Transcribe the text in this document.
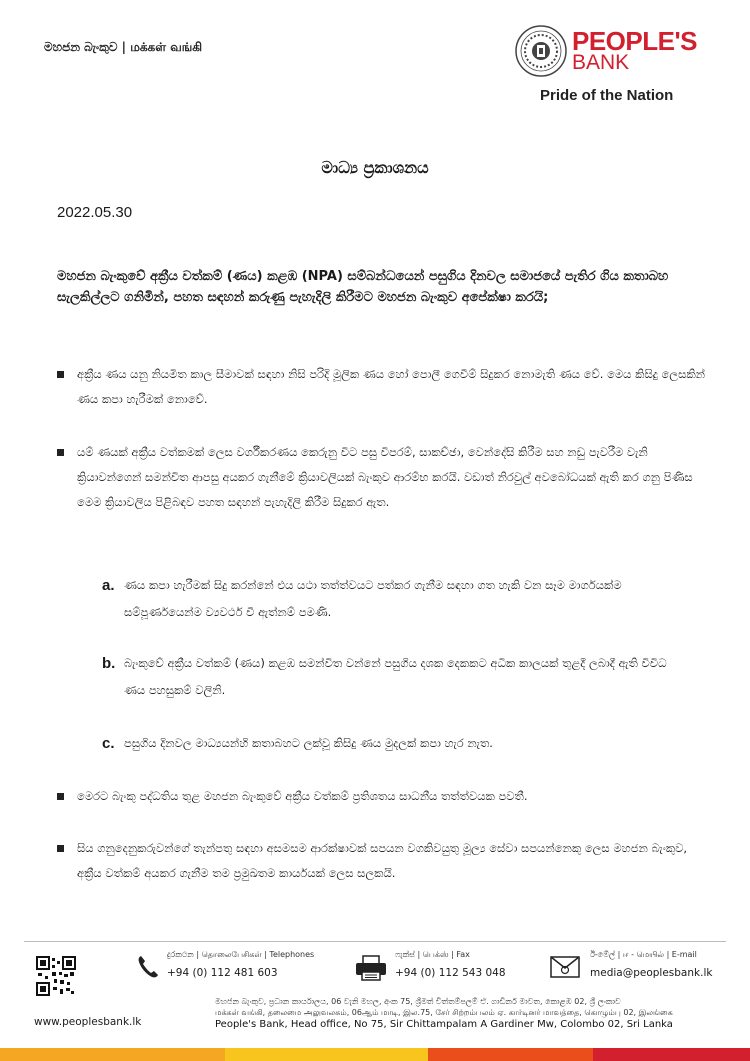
මහජන බැංකුව | மக்கள் வங்கி	PEOPLE'S
BANK
Pride of the Nation
මාධ්‍ය ප්‍රකාශනය
2022.05.30
මහජන බැංකුවේ අක්‍රීය වත්කම් (ණය) කළඹ (NPA) සම්බන්ධයෙන් පසුගිය දිනවල සමාජයේ පැතිර ගිය කතාබහ සැලකිල්ලට ගනිමින්, පහත සඳහන් කරුණු පැහැදිලි කිරීමට මහජන බැංකුව අපේක්ෂා කරයි;
අක්‍රීය ණය යනු නියමිත කාල සීමාවක් සඳහා නිසි පරිදි මූලික ණය හෝ පොලී ගෙවීම් සිදුකර නොමැති ණය වේ. මෙය කිසිදු ලෙසකින් ණය කපා හැරීමක් නොවේ.
යම් ණයක් අක්‍රීය වත්කමක් ලෙස වර්ගීකරණය කෙරුනු විට පසු විපරම්, සාකච්ඡා, වෙන්දේසි කිරීම සහ නඩු පැවරීම වැනි ක්‍රියාවන්ගෙන් සමන්විත ආපසු අයකර ගැනීමේ ක්‍රියාවලියක් බැංකුව ආරම්භ කරයි. වඩාත් නිරවුල් අවබෝධයක් ඇති කර ගනු පිණිස මෙම ක්‍රියාවලිය පිළිබඳව පහත සඳහන් පැහැදිලි කිරීම සිදුකර ඇත.
a. ණය කපා හැරීමක් සිදු කරන්නේ එය යථා තත්ත්වයට පත්කර ගැනීම සඳහා ගත හැකි වන සෑම මාර්ගයක්ම සම්පූර්ණයෙන්ම ව්‍යවර්ථ වී ඇත්නම් පමණි.
b. බැංකුවේ අක්‍රීය වත්කම් (ණය) කළඹ සමන්විත වන්නේ පසුගිය දශක දෙකකට අධික කාලයක් තුළදී ලබාදී ඇති විවිධ ණය පහසුකම් වලිනි.
c. පසුගිය දිනවල මාධ්‍යයන්හි කතාබහට ලක්වූ කිසිදු ණය මුදලක් කපා හැර නැත.
මෙරට බැංකු පද්ධතිය තුළ මහජන බැංකුවේ අක්‍රීය වත්කම් ප්‍රතිශතය සාධනීය තත්ත්වයක පවතී.
සිය ගනුදෙනුකරුවන්ගේ තැන්පතු සඳහා අසමසම ආරක්ෂාවක් සපයන වගකිවයුතු මූල්‍ය සේවා සපයන්නෙකු ලෙස මහජන බැංකුව, අක්‍රීය වත්කම් අයකර ගැනීම තම ප්‍රමුඛතම කාර්යයක් ලෙස සලකයි.
www.peoplesbank.lk
දුරකථන | தொலைபேசிகள் | Telephones
+94 (0) 112 481 603
ෆැක්ස් | பெக்ஸ் | Fax
+94 (0) 112 543 048
ඊ-මේල් | ஈ - மெயில் | E-mail
media@peoplesbank.lk
මහජන බැංකුව, ප්‍රධාන කාර්යාලය, 06 වැනි මහල, අංක 75, ශ්‍රීමත් චිත්තම්පලම් ඒ. ගාඩිනර් මාවත, කොළඹ 02, ශ්‍රී ලංකාව
மக்கள் வங்கி, தலைமை அலுவலகம், 06ஆம் மாடி, இல.75, சேர் சிற்றம்பலம் ஏ. கார்டினர் மாவத்தை, கொழும்பு 02, இலங்கை
People's Bank, Head office, No 75, Sir Chittampalam A Gardiner Mw, Colombo 02, Sri Lanka
